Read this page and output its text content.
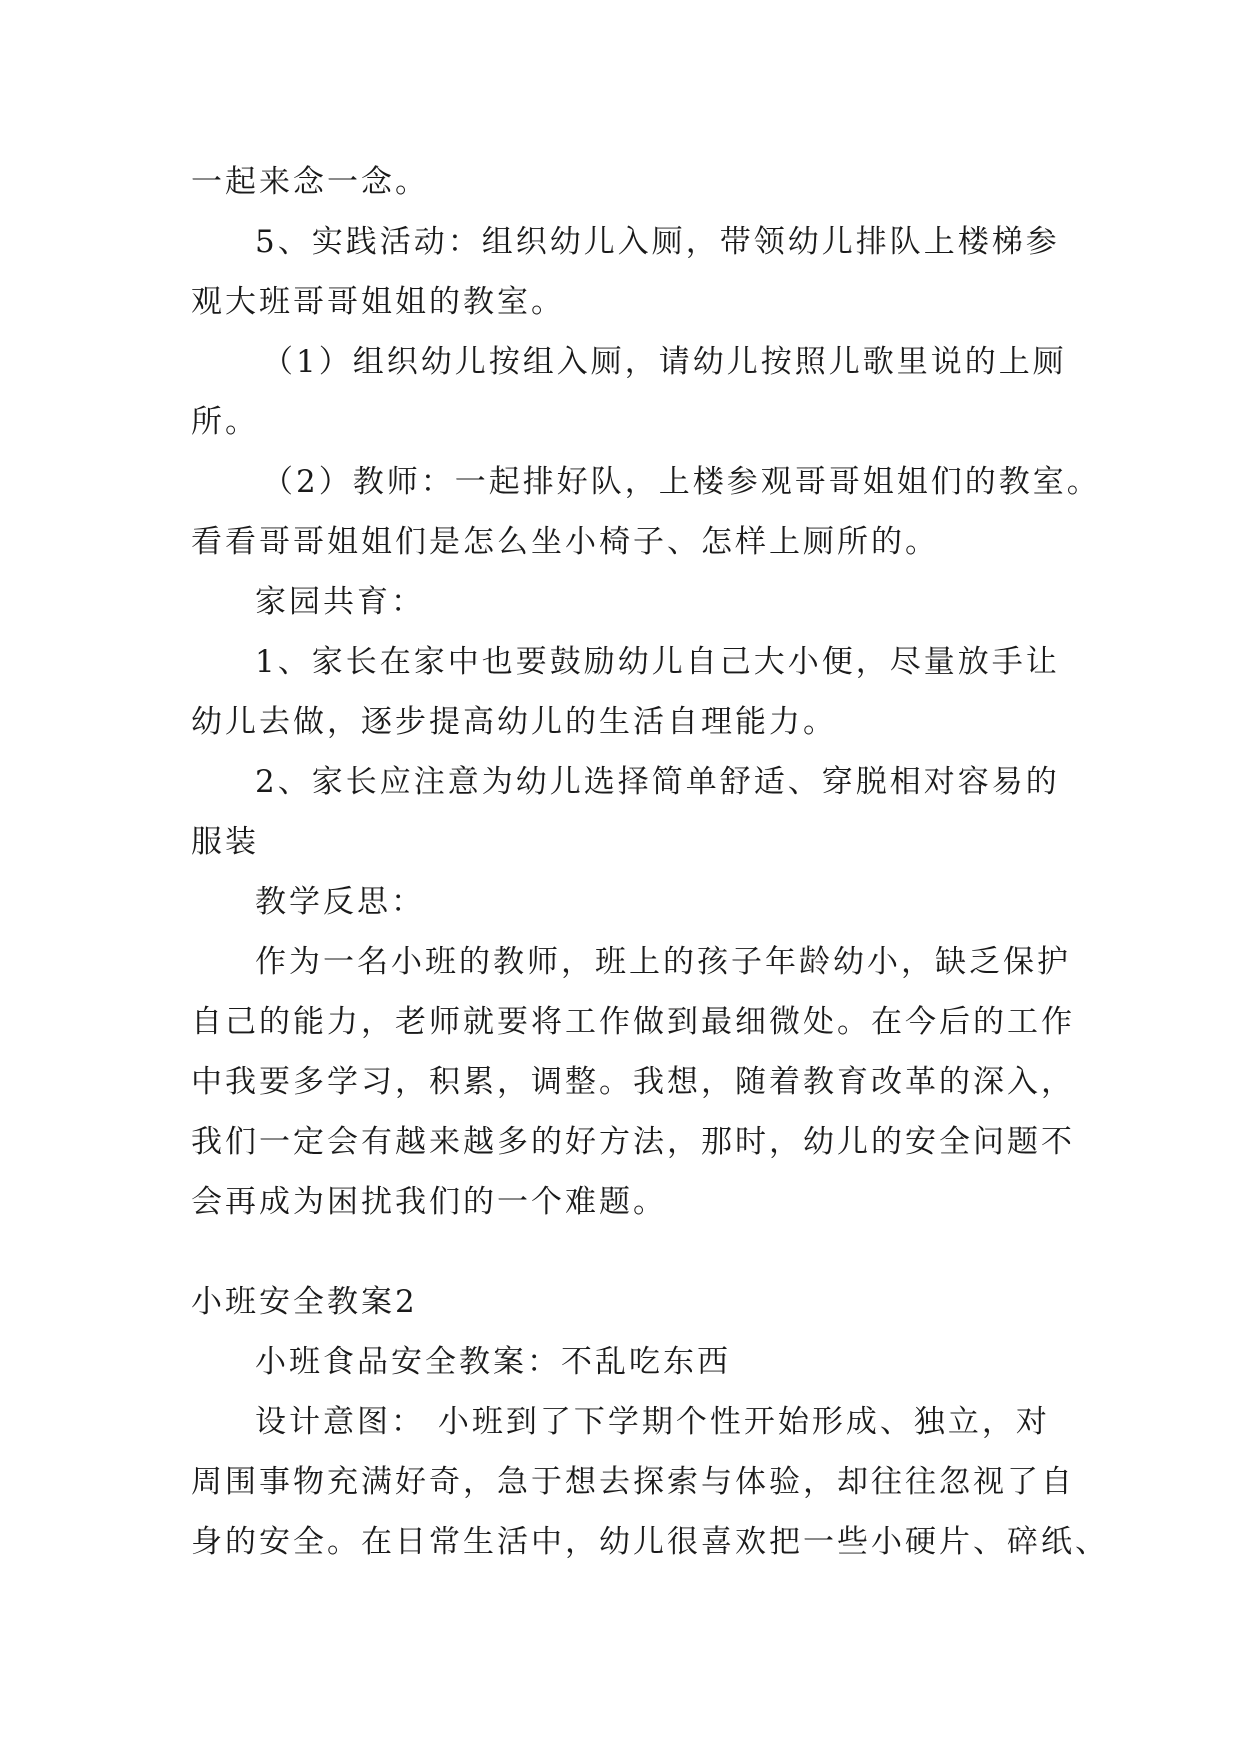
一起来念一念。
5、实践活动：组织幼儿入厕，带领幼儿排队上楼梯参
观大班哥哥姐姐的教室。
（1）组织幼儿按组入厕，请幼儿按照儿歌里说的上厕
所。
（2）教师：一起排好队，上楼参观哥哥姐姐们的教室。
看看哥哥姐姐们是怎么坐小椅子、怎样上厕所的。
家园共育：
1、家长在家中也要鼓励幼儿自己大小便，尽量放手让
幼儿去做，逐步提高幼儿的生活自理能力。
2、家长应注意为幼儿选择简单舒适、穿脱相对容易的
服装
教学反思：
作为一名小班的教师，班上的孩子年龄幼小，缺乏保护
自己的能力，老师就要将工作做到最细微处。在今后的工作
中我要多学习，积累，调整。我想，随着教育改革的深入，
我们一定会有越来越多的好方法，那时，幼儿的安全问题不
会再成为困扰我们的一个难题。
小班安全教案2
小班食品安全教案：不乱吃东西
设计意图： 小班到了下学期个性开始形成、独立，对
周围事物充满好奇，急于想去探索与体验，却往往忽视了自
身的安全。在日常生活中，幼儿很喜欢把一些小硬片、碎纸、
